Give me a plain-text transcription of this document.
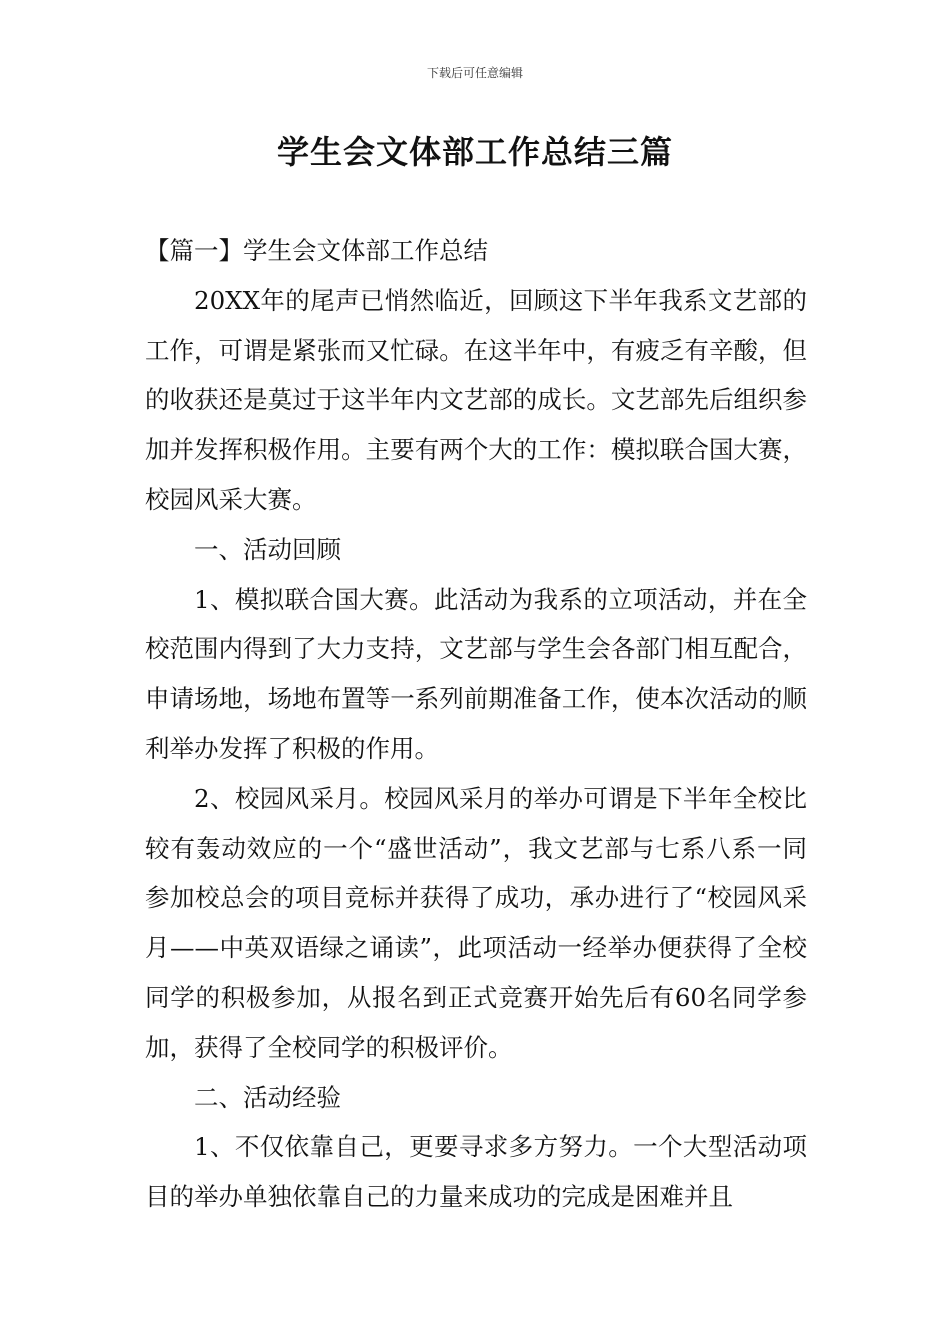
下载后可任意编辑
学生会文体部工作总结三篇

【篇一】学生会文体部工作总结

20XX年的尾声已悄然临近，回顾这下半年我系文艺部的工作，可谓是紧张而又忙碌。在这半年中，有疲乏有辛酸，但的收获还是莫过于这半年内文艺部的成长。文艺部先后组织参加并发挥积极作用。主要有两个大的工作：模拟联合国大赛，校园风采大赛。

一、活动回顾

1、模拟联合国大赛。此活动为我系的立项活动，并在全校范围内得到了大力支持，文艺部与学生会各部门相互配合，申请场地，场地布置等一系列前期准备工作，使本次活动的顺利举办发挥了积极的作用。

2、校园风采月。校园风采月的举办可谓是下半年全校比较有轰动效应的一个“盛世活动”，我文艺部与七系八系一同参加校总会的项目竞标并获得了成功，承办进行了“校园风采月——中英双语绿之诵读”，此项活动一经举办便获得了全校同学的积极参加，从报名到正式竞赛开始先后有60名同学参加，获得了全校同学的积极评价。

二、活动经验

1、不仅依靠自己，更要寻求多方努力。一个大型活动项目的举办单独依靠自己的力量来成功的完成是困难并且
